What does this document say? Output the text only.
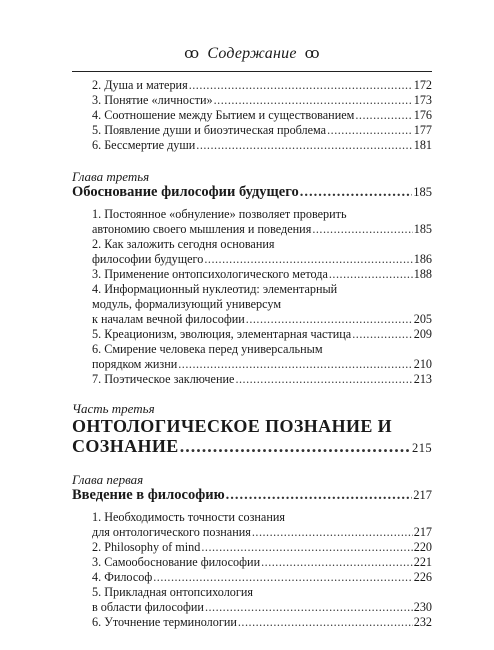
ꝏ Содержание ꝏ
2. Душа и материя .....	172
3. Понятие «личности» .....	173
4. Соотношение между Бытием и существованием .....	176
5. Появление души и биоэтическая проблема .....	177
6. Бессмертие души .....	181
Глава третья
Обоснование философии будущего .....	185
1. Постоянное «обнуление» позволяет проверить
автономию своего мышления и поведения .....	185
2. Как заложить сегодня основания
философии будущего .....	186
3. Применение онтопсихологического метода .....	188
4. Информационный нуклеотид: элементарный
модуль, формализующий универсум
к началам вечной философии .....	205
5. Креационизм, эволюция, элементарная частица .....	209
6. Смирение человека перед универсальным
порядком жизни .....	210
7. Поэтическое заключение .....	213
Часть третья
ОНТОЛОГИЧЕСКОЕ ПОЗНАНИЕ И
СОЗНАНИЕ .....	215
Глава первая
Введение в философию .....	217
1. Необходимость точности сознания
для онтологического познания .....	217
2. Philosophy of mind .....	220
3. Самообоснование философии .....	221
4. Философ .....	226
5. Прикладная онтопсихология
в области философии .....	230
6. Уточнение терминологии .....	232
